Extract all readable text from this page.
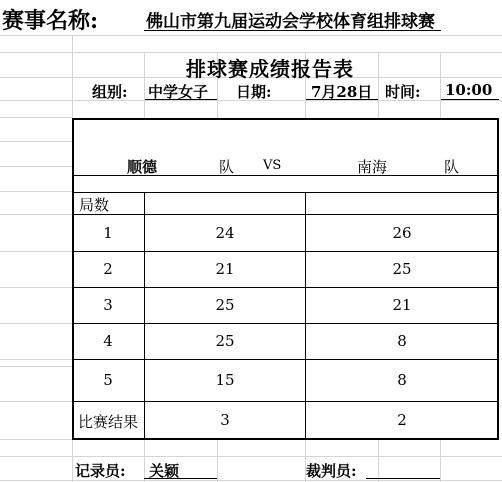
赛事名称:	佛山市第九届运动会学校体育组排球赛
排球赛成绩报告表
组别: 中学女子 日期:	7月28日 时间: 10:00
顺德	队 VS	南海	队
局数
1	24	26
2	21	25
3	25	21
4	25	8
5	15	8
比赛结果	3	2
记录员: 关颖	裁判员:
